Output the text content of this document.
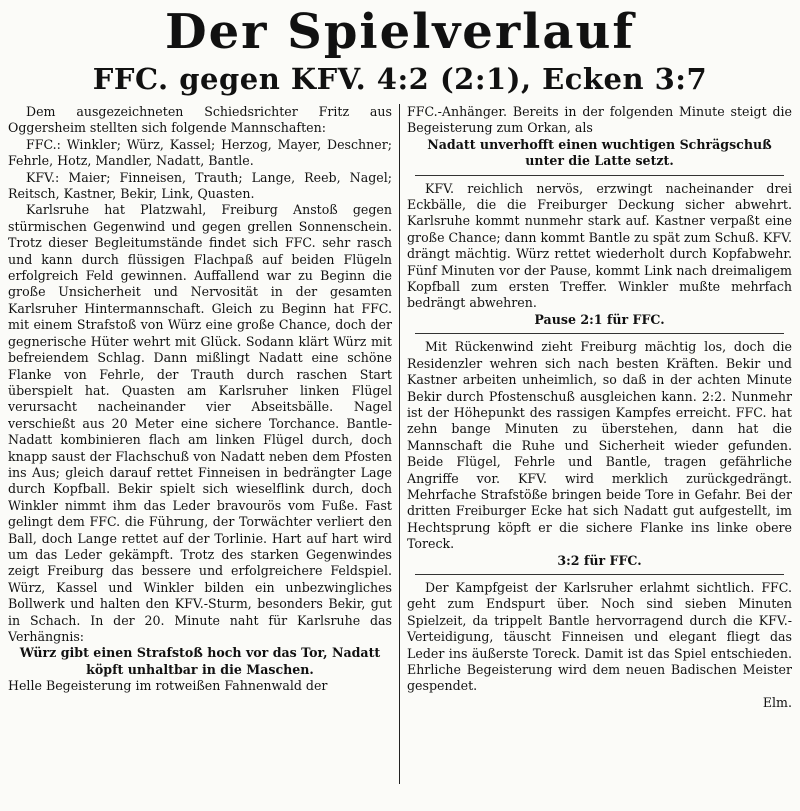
Der Spielverlauf
FFC. gegen KFV. 4:2 (2:1), Ecken 3:7

Dem ausgezeichneten Schiedsrichter Fritz aus Oggersheim stellten sich folgende Mannschaften:

FFC.: Winkler; Würz, Kassel; Herzog, Mayer, Deschner; Fehrle, Hotz, Mandler, Nadatt, Bantle.

KFV.: Maier; Finneisen, Trauth; Lange, Reeb, Nagel; Reitsch, Kastner, Bekir, Link, Quasten.

Karlsruhe hat Platzwahl, Freiburg Anstoß gegen stürmischen Gegenwind und gegen grellen Sonnenschein. Trotz dieser Begleitumstände findet sich FFC. sehr rasch und kann durch flüssigen Flachpaß auf beiden Flügeln erfolgreich Feld gewinnen. Auffallend war zu Beginn die große Unsicherheit und Nervosität in der gesamten Karlsruher Hintermannschaft. Gleich zu Beginn hat FFC. mit einem Strafstoß von Würz eine große Chance, doch der gegnerische Hüter wehrt mit Glück. Sodann klärt Würz mit befreiendem Schlag. Dann mißlingt Nadatt eine schöne Flanke von Fehrle, der Trauth durch raschen Start überspielt hat. Quasten am Karlsruher linken Flügel verursacht nacheinander vier Abseitsbälle. Nagel verschießt aus 20 Meter eine sichere Torchance. Bantle-Nadatt kombinieren flach am linken Flügel durch, doch knapp saust der Flachschuß von Nadatt neben dem Pfosten ins Aus; gleich darauf rettet Finneisen in bedrängter Lage durch Kopfball. Bekir spielt sich wieselflink durch, doch Winkler nimmt ihm das Leder bravourös vom Fuße. Fast gelingt dem FFC. die Führung, der Torwächter verliert den Ball, doch Lange rettet auf der Torlinie. Hart auf hart wird um das Leder gekämpft. Trotz des starken Gegenwindes zeigt Freiburg das bessere und erfolgreichere Feldspiel. Würz, Kassel und Winkler bilden ein unbezwingliches Bollwerk und halten den KFV.-Sturm, besonders Bekir, gut in Schach. In der 20. Minute naht für Karlsruhe das Verhängnis:

Würz gibt einen Strafstoß hoch vor das Tor, Nadatt köpft unhaltbar in die Maschen.

Helle Begeisterung im rotweißen Fahnenwald der

FFC.-Anhänger. Bereits in der folgenden Minute steigt die Begeisterung zum Orkan, als

Nadatt unverhofft einen wuchtigen Schrägschuß unter die Latte setzt.

KFV. reichlich nervös, erzwingt nacheinander drei Eckbälle, die die Freiburger Deckung sicher abwehrt. Karlsruhe kommt nunmehr stark auf. Kastner verpaßt eine große Chance; dann kommt Bantle zu spät zum Schuß. KFV. drängt mächtig. Würz rettet wiederholt durch Kopfabwehr. Fünf Minuten vor der Pause, kommt Link nach dreimaligem Kopfball zum ersten Treffer. Winkler mußte mehrfach bedrängt abwehren.

Pause 2:1 für FFC.

Mit Rückenwind zieht Freiburg mächtig los, doch die Residenzler wehren sich nach besten Kräften. Bekir und Kastner arbeiten unheimlich, so daß in der achten Minute Bekir durch Pfostenschuß ausgleichen kann. 2:2. Nunmehr ist der Höhepunkt des rassigen Kampfes erreicht. FFC. hat zehn bange Minuten zu überstehen, dann hat die Mannschaft die Ruhe und Sicherheit wieder gefunden. Beide Flügel, Fehrle und Bantle, tragen gefährliche Angriffe vor. KFV. wird merklich zurückgedrängt. Mehrfache Strafstöße bringen beide Tore in Gefahr. Bei der dritten Freiburger Ecke hat sich Nadatt gut aufgestellt, im Hechtsprung köpft er die sichere Flanke ins linke obere Toreck.

3:2 für FFC.

Der Kampfgeist der Karlsruher erlahmt sichtlich. FFC. geht zum Endspurt über. Noch sind sieben Minuten Spielzeit, da trippelt Bantle hervorragend durch die KFV.-Verteidigung, täuscht Finneisen und elegant fliegt das Leder ins äußerste Toreck. Damit ist das Spiel entschieden. Ehrliche Begeisterung wird dem neuen Badischen Meister gespendet.

Elm.
